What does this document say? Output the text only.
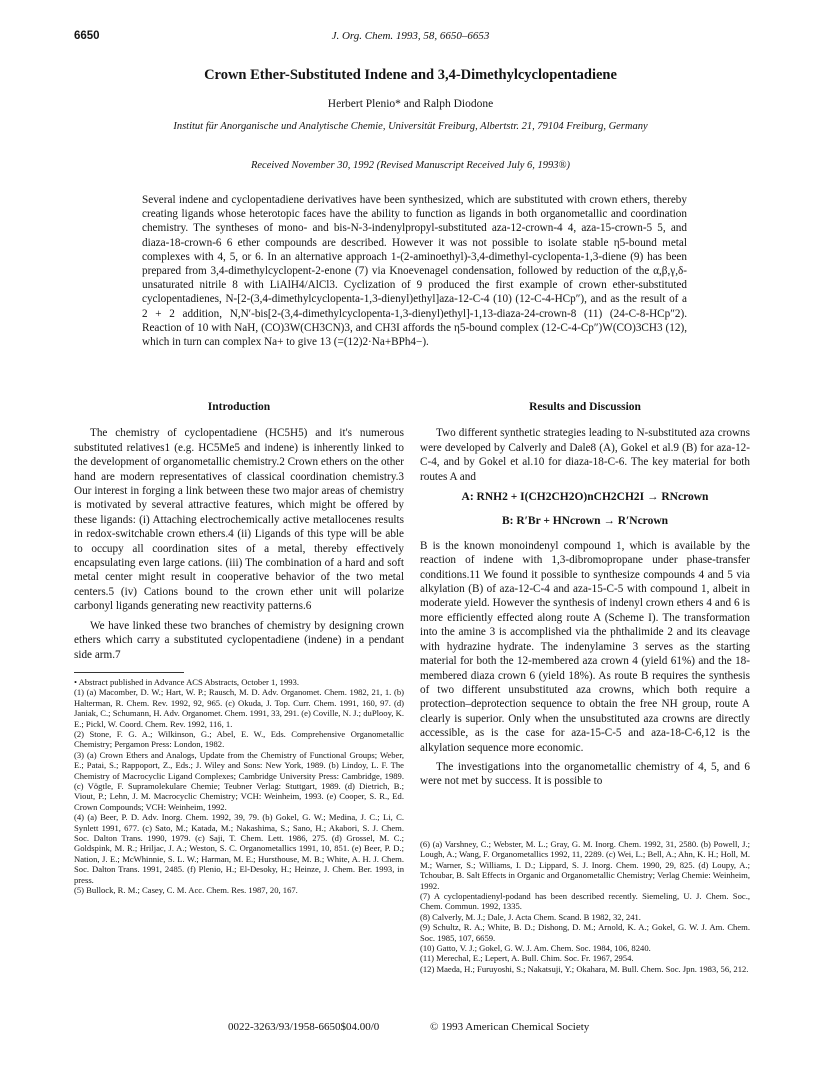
6650	J. Org. Chem. 1993, 58, 6650–6653
Crown Ether-Substituted Indene and 3,4-Dimethylcyclopentadiene
Herbert Plenio* and Ralph Diodone
Institut für Anorganische und Analytische Chemie, Universität Freiburg, Albertstr. 21, 79104 Freiburg, Germany
Received November 30, 1992 (Revised Manuscript Received July 6, 1993®)
Several indene and cyclopentadiene derivatives have been synthesized, which are substituted with crown ethers, thereby creating ligands whose heterotopic faces have the ability to function as ligands in both organometallic and coordination chemistry. The syntheses of mono- and bis-N-3-indenylpropyl-substituted aza-12-crown-4 4, aza-15-crown-5 5, and diaza-18-crown-6 6 ether compounds are described. However it was not possible to isolate stable η5-bound metal complexes with 4, 5, or 6. In an alternative approach 1-(2-aminoethyl)-3,4-dimethyl-cyclopenta-1,3-diene (9) has been prepared from 3,4-dimethylcyclopent-2-enone (7) via Knoevenagel condensation, followed by reduction of the α,β,γ,δ-unsaturated nitrile 8 with LiAlH4/AlCl3. Cyclization of 9 produced the first example of crown ether-substituted cyclopentadienes, N-[2-(3,4-dimethylcyclopenta-1,3-dienyl)ethyl]aza-12-C-4 (10) (12-C-4-HCp″), and as the result of a 2 + 2 addition, N,N′-bis[2-(3,4-dimethylcyclopenta-1,3-dienyl)ethyl]-1,13-diaza-24-crown-8 (11) (24-C-8-HCp″2). Reaction of 10 with NaH, (CO)3W(CH3CN)3, and CH3I affords the η5-bound complex (12-C-4-Cp″)W(CO)3CH3 (12), which in turn can complex Na+ to give 13 (=(12)2·Na+BPh4−).
Introduction

The chemistry of cyclopentadiene (HC5H5) and it's numerous substituted relatives1 (e.g. HC5Me5 and indene) is inherently linked to the development of organometallic chemistry.2 Crown ethers on the other hand are modern representatives of classical coordination chemistry.3 Our interest in forging a link between these two major areas of chemistry is motivated by several attractive features, which might be offered by these ligands: (i) Attaching electrochemically active metallocenes results in redox-switchable crown ethers.4 (ii) Ligands of this type will be able to occupy all coordination sites of a metal, thereby effectively encapsulating even large cations. (iii) The combination of a hard and soft metal center might result in cooperative behavior of the two metal centers.5 (iv) Cations bound to the crown ether unit will polarize carbonyl ligands generating new reactivity patterns.6

We have linked these two branches of chemistry by designing crown ethers which carry a substituted cyclopentadiene (indene) in a pendant side arm.7

• Abstract published in Advance ACS Abstracts, October 1, 1993.

(1) (a) Macomber, D. W.; Hart, W. P.; Rausch, M. D. Adv. Organomet. Chem. 1982, 21, 1. (b) Halterman, R. Chem. Rev. 1992, 92, 965. (c) Okuda, J. Top. Curr. Chem. 1991, 160, 97. (d) Janiak, C.; Schumann, H. Adv. Organomet. Chem. 1991, 33, 291. (e) Coville, N. J.; duPlooy, K. E.; Pickl, W. Coord. Chem. Rev. 1992, 116, 1.

(2) Stone, F. G. A.; Wilkinson, G.; Abel, E. W., Eds. Comprehensive Organometallic Chemistry; Pergamon Press: London, 1982.

(3) (a) Crown Ethers and Analogs, Update from the Chemistry of Functional Groups; Weber, E.; Patai, S.; Rappoport, Z., Eds.; J. Wiley and Sons: New York, 1989. (b) Lindoy, L. F. The Chemistry of Macrocyclic Ligand Complexes; Cambridge University Press: Cambridge, 1989. (c) Vögtle, F. Supramolekulare Chemie; Teubner Verlag: Stuttgart, 1989. (d) Dietrich, B.; Viout, P.; Lehn, J. M. Macrocyclic Chemistry; VCH: Weinheim, 1993. (e) Cooper, S. R., Ed. Crown Compounds; VCH: Weinheim, 1992.

(4) (a) Beer, P. D. Adv. Inorg. Chem. 1992, 39, 79. (b) Gokel, G. W.; Medina, J. C.; Li, C. Synlett 1991, 677. (c) Sato, M.; Katada, M.; Nakashima, S.; Sano, H.; Akabori, S. J. Chem. Soc. Dalton Trans. 1990, 1979. (c) Saji, T. Chem. Lett. 1986, 275. (d) Grossel, M. C.; Goldspink, M. R.; Hriljac, J. A.; Weston, S. C. Organometallics 1991, 10, 851. (e) Beer, P. D.; Nation, J. E.; McWhinnie, S. L. W.; Harman, M. E.; Hursthouse, M. B.; White, A. H. J. Chem. Soc. Dalton Trans. 1991, 2485. (f) Plenio, H.; El-Desoky, H.; Heinze, J. Chem. Ber. 1993, in press.

(5) Bullock, R. M.; Casey, C. M. Acc. Chem. Res. 1987, 20, 167.

Results and Discussion

Two different synthetic strategies leading to N-substituted aza crowns were developed by Calverly and Dale8 (A), Gokel et al.9 (B) for aza-12-C-4, and by Gokel et al.10 for diaza-18-C-6. The key material for both routes A and

A: RNH2 + I(CH2CH2O)nCH2CH2I → RNcrown
B: R′Br + HNcrown → R′Ncrown

B is the known monoindenyl compound 1, which is available by the reaction of indene with 1,3-dibromopropane under phase-transfer conditions.11 We found it possible to synthesize compounds 4 and 5 via alkylation (B) of aza-12-C-4 and aza-15-C-5 with compound 1, albeit in moderate yield. However the synthesis of indenyl crown ethers 4 and 6 is more efficiently effected along route A (Scheme I). The transformation into the amine 3 is accomplished via the phthalimide 2 and its cleavage with hydrazine hydrate. The indenylamine 3 serves as the starting material for both the 12-membered aza crown 4 (yield 61%) and the 18-membered diaza crown 6 (yield 18%). As route B requires the synthesis of two different unsubstituted aza crowns, which both require a protection–deprotection sequence to obtain the free NH group, route A clearly is superior. Only when the unsubstituted aza crowns are directly accessible, as is the case for aza-15-C-5 and aza-18-C-6,12 is the alkylation sequence more economic.

The investigations into the organometallic chemistry of 4, 5, and 6 were not met by success. It is possible to

(6) (a) Varshney, C.; Webster, M. L.; Gray, G. M. Inorg. Chem. 1992, 31, 2580. (b) Powell, J.; Lough, A.; Wang, F. Organometallics 1992, 11, 2289. (c) Wei, L.; Bell, A.; Ahn, K. H.; Holl, M. M.; Warner, S.; Williams, I. D.; Lippard, S. J. Inorg. Chem. 1990, 29, 825. (d) Loupy, A.; Tchoubar, B. Salt Effects in Organic and Organometallic Chemistry; Verlag Chemie: Weinheim, 1992.

(7) A cyclopentadienyl-podand has been described recently. Siemeling, U. J. Chem. Soc., Chem. Commun. 1992, 1335.

(8) Calverly, M. J.; Dale, J. Acta Chem. Scand. B 1982, 32, 241.

(9) Schultz, R. A.; White, B. D.; Dishong, D. M.; Arnold, K. A.; Gokel, G. W. J. Am. Chem. Soc. 1985, 107, 6659.

(10) Gatto, V. J.; Gokel, G. W. J. Am. Chem. Soc. 1984, 106, 8240.

(11) Merechal, E.; Lepert, A. Bull. Chim. Soc. Fr. 1967, 2954.

(12) Maeda, H.; Furuyoshi, S.; Nakatsuji, Y.; Okahara, M. Bull. Chem. Soc. Jpn. 1983, 56, 212.

0022-3263/93/1958-6650$04.00/0	© 1993 American Chemical Society
